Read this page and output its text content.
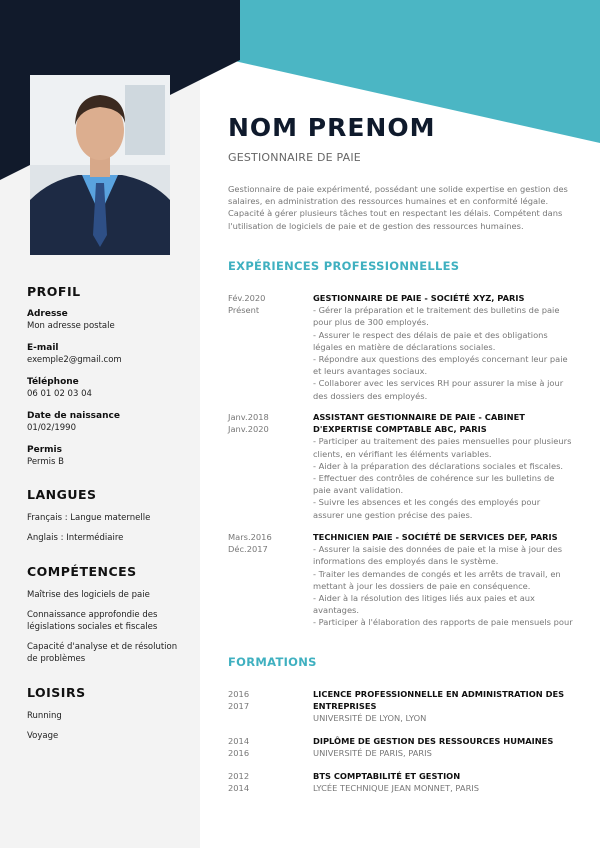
PROFIL
Adresse
Mon adresse postale
E-mail
exemple2@gmail.com
Téléphone
06 01 02 03 04
Date de naissance
01/02/1990
Permis
Permis B
LANGUES
Français : Langue maternelle
Anglais : Intermédiaire
COMPÉTENCES
Maîtrise des logiciels de paie
Connaissance approfondie des législations sociales et fiscales
Capacité d'analyse et de résolution de problèmes
LOISIRS
Running
Voyage
NOM PRENOM
GESTIONNAIRE DE PAIE

Gestionnaire de paie expérimenté, possédant une solide expertise en gestion des salaires, en administration des ressources humaines et en conformité légale. Capacité à gérer plusieurs tâches tout en respectant les délais. Compétent dans l'utilisation de logiciels de paie et de gestion des ressources humaines.

EXPÉRIENCES PROFESSIONNELLES
Fév.2020
Présent

GESTIONNAIRE DE PAIE - SOCIÉTÉ XYZ, PARIS

- Gérer la préparation et le traitement des bulletins de paie pour plus de 300 employés.
- Assurer le respect des délais de paie et des obligations légales en matière de déclarations sociales.
- Répondre aux questions des employés concernant leur paie et leurs avantages sociaux.
- Collaborer avec les services RH pour assurer la mise à jour des dossiers des employés.
Janv.2018
Janv.2020

ASSISTANT GESTIONNAIRE DE PAIE - CABINET D'EXPERTISE COMPTABLE ABC, PARIS

- Participer au traitement des paies mensuelles pour plusieurs clients, en vérifiant les éléments variables.
- Aider à la préparation des déclarations sociales et fiscales.
- Effectuer des contrôles de cohérence sur les bulletins de paie avant validation.
- Suivre les absences et les congés des employés pour assurer une gestion précise des paies.
Mars.2016
Déc.2017

TECHNICIEN PAIE - SOCIÉTÉ DE SERVICES DEF, PARIS

- Assurer la saisie des données de paie et la mise à jour des informations des employés dans le système.
- Traiter les demandes de congés et les arrêts de travail, en mettant à jour les dossiers de paie en conséquence.
- Aider à la résolution des litiges liés aux paies et aux avantages.
- Participer à l'élaboration des rapports de paie mensuels pour
FORMATIONS
2016
2017

LICENCE PROFESSIONNELLE EN ADMINISTRATION DES ENTREPRISES

UNIVERSITÉ DE LYON, LYON

2014
2016

DIPLÔME DE GESTION DES RESSOURCES HUMAINES

UNIVERSITÉ DE PARIS, PARIS

2012
2014

BTS COMPTABILITÉ ET GESTION

LYCÉE TECHNIQUE JEAN MONNET, PARIS
